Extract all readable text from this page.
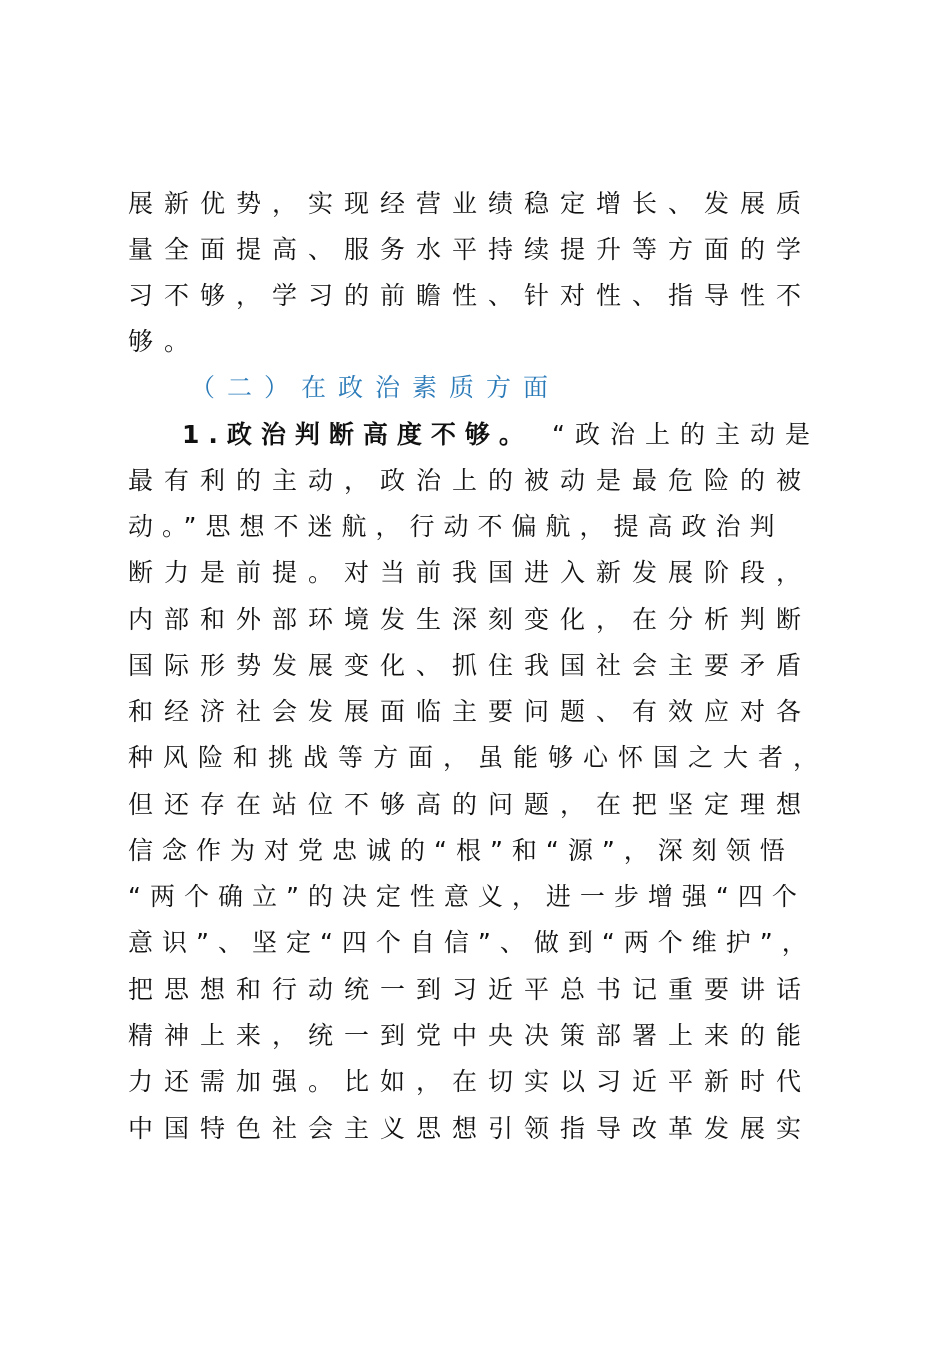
展新优势，实现经营业绩稳定增长、发展质
量全面提高、服务水平持续提升等方面的学
习不够，学习的前瞻性、针对性、指导性不
够。
（二）在政治素质方面
1.政治判断高度不够。 “政治上的主动是
最有利的主动，政治上的被动是最危险的被
动。”思想不迷航，行动不偏航，提高政治判
断力是前提。对当前我国进入新发展阶段，
内部和外部环境发生深刻变化，在分析判断
国际形势发展变化、抓住我国社会主要矛盾
和经济社会发展面临主要问题、有效应对各
种风险和挑战等方面，虽能够心怀国之大者，
但还存在站位不够高的问题，在把坚定理想
信念作为对党忠诚的“根”和“源”，深刻领悟
“两个确立”的决定性意义，进一步增强“四个
意识”、坚定“四个自信”、做到“两个维护”，
把思想和行动统一到习近平总书记重要讲话
精神上来，统一到党中央决策部署上来的能
力还需加强。比如，在切实以习近平新时代
中国特色社会主义思想引领指导改革发展实
